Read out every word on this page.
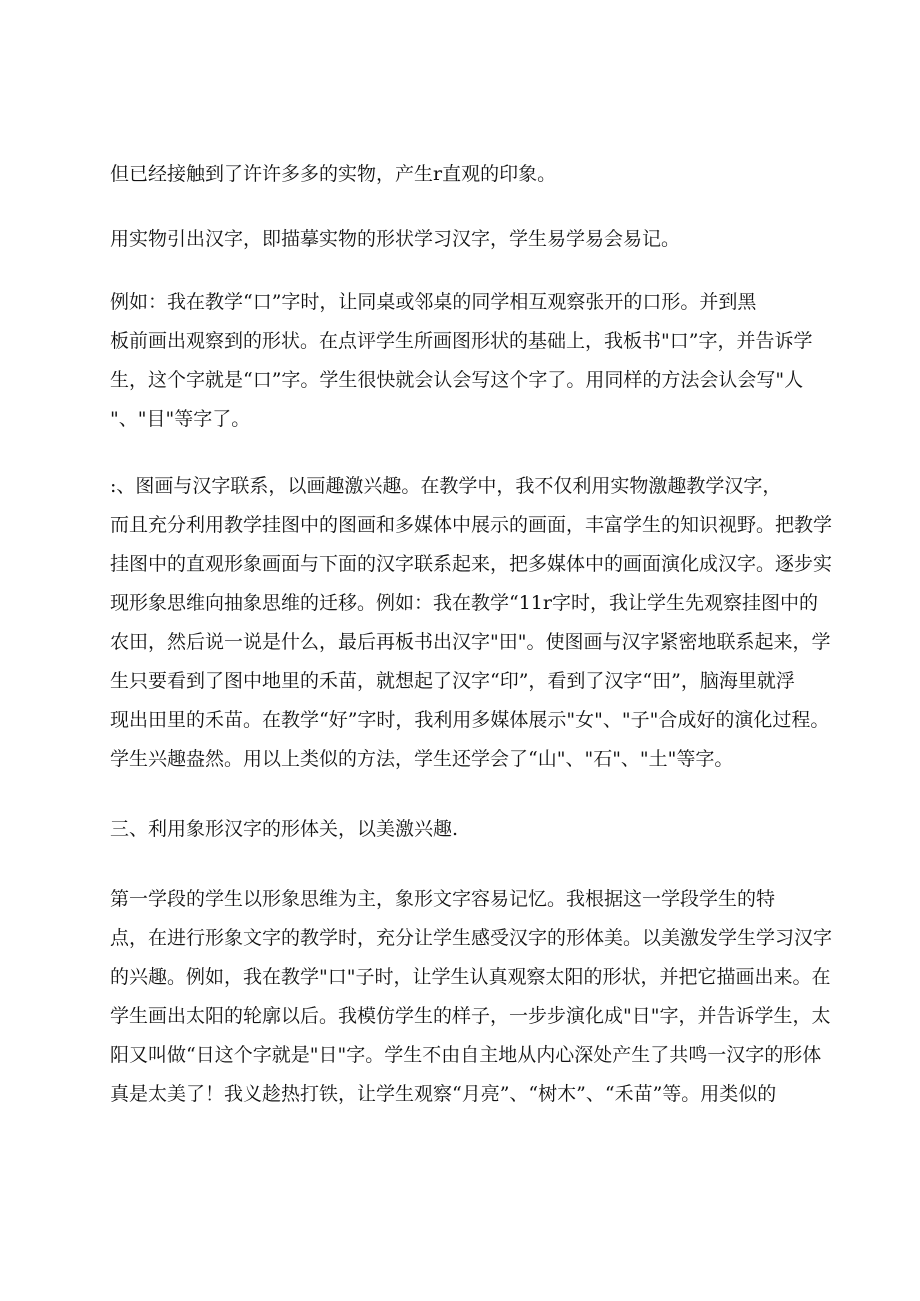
但已经接触到了许许多多的实物，产生r直观的印象。

用实物引出汉字，即描摹实物的形状学习汉字，学生易学易会易记。

例如：我在教学“口”字时，让同桌或邻桌的同学相互观察张开的口形。并到黑
板前画出观察到的形状。在点评学生所画图形状的基础上，我板书"口”字，并告诉学
生，这个字就是“口”字。学生很快就会认会写这个字了。用同样的方法会认会写"人
"、"目"等字了。

:、图画与汉字联系，以画趣激兴趣。在教学中，我不仅利用实物激趣教学汉字，
而且充分利用教学挂图中的图画和多媒体中展示的画面，丰富学生的知识视野。把教学
挂图中的直观形象画面与下面的汉字联系起来，把多媒体中的画面演化成汉字。逐步实
现形象思维向抽象思维的迁移。例如：我在教学“11r字时，我让学生先观察挂图中的
农田，然后说一说是什么，最后再板书出汉字"田"。使图画与汉字紧密地联系起来，学
生只要看到了图中地里的禾苗，就想起了汉字“印”，看到了汉字“田”，脑海里就浮
现出田里的禾苗。在教学“好”字时，我利用多媒体展示"女"、"子"合成好的演化过程。
学生兴趣盎然。用以上类似的方法，学生还学会了“山"、"石"、"土"等字。

三、利用象形汉字的形体关，以美激兴趣.

第一学段的学生以形象思维为主，象形文字容易记忆。我根据这一学段学生的特
点，在进行形象文字的教学时，充分让学生感受汉字的形体美。以美激发学生学习汉字
的兴趣。例如，我在教学"口"子时，让学生认真观察太阳的形状，并把它描画出来。在
学生画出太阳的轮廓以后。我模仿学生的样子，一步步演化成"日"字，并告诉学生，太
阳又叫做“日这个字就是"日"字。学生不由自主地从内心深处产生了共鸣一汉字的形体
真是太美了！我义趁热打铁，让学生观察“月亮”、“树木”、“禾苗”等。用类似的
